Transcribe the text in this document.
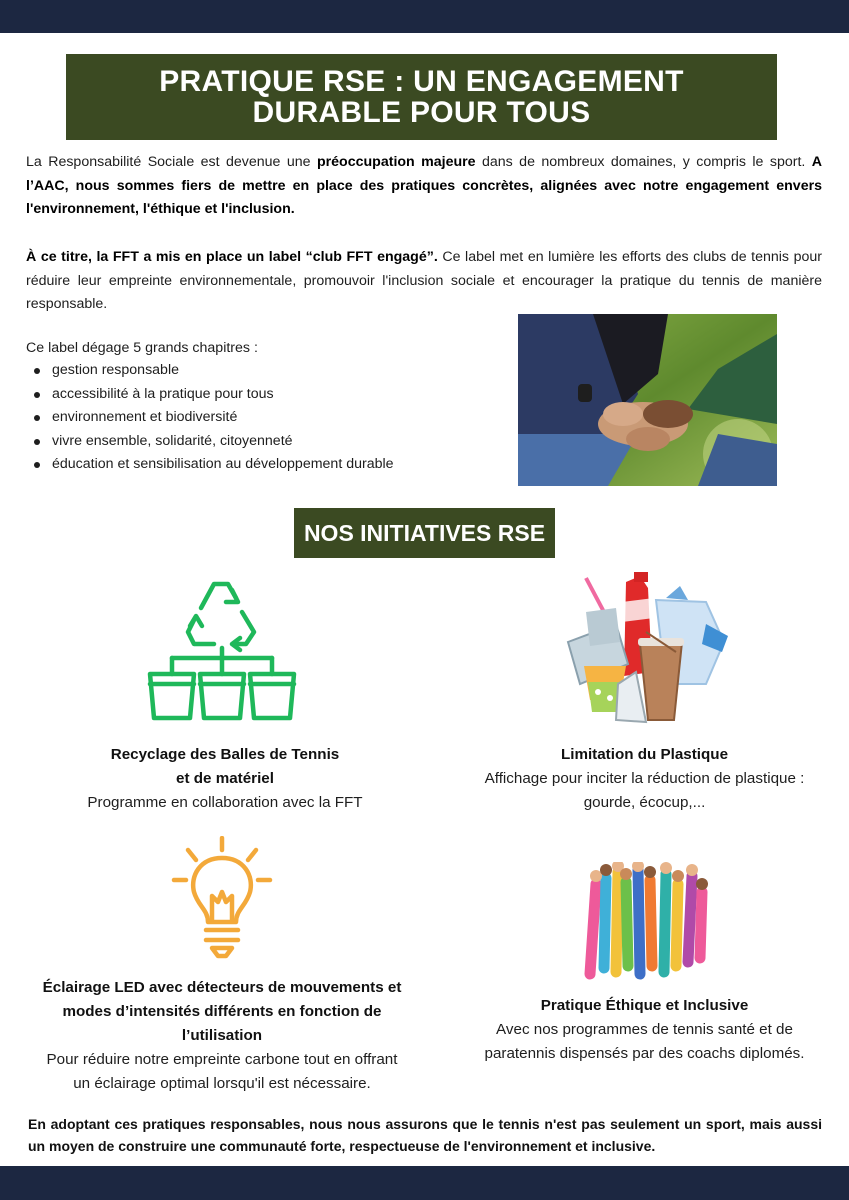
PRATIQUE RSE : UN ENGAGEMENT
DURABLE POUR TOUS

La Responsabilité Sociale est devenue une préoccupation majeure dans de nombreux domaines, y compris le sport. A l’AAC, nous sommes fiers de mettre en place des pratiques concrètes, alignées avec notre engagement envers l'environnement, l'éthique et l'inclusion.

À ce titre, la FFT a mis en place un label “club FFT engagé”. Ce label met en lumière les efforts des clubs de tennis pour réduire leur empreinte environnementale, promouvoir l'inclusion sociale et encourager la pratique du tennis de manière responsable.

Ce label dégage 5 grands chapitres :
gestion responsable
accessibilité à la pratique pour tous
environnement et biodiversité
vivre ensemble, solidarité, citoyenneté
éducation et sensibilisation au développement durable
NOS INITIATIVES RSE
Recyclage des Balles de Tennis
et de matériel
Programme en collaboration avec la FFT
Limitation du Plastique
Affichage pour inciter la réduction de plastique :
gourde, écocup,...
Éclairage LED avec détecteurs de mouvements et
modes d’intensités différents en fonction de
l’utilisation
Pour réduire notre empreinte carbone tout en offrant
un éclairage optimal lorsqu'il est nécessaire.
Pratique Éthique et Inclusive
Avec nos programmes de tennis santé et de
paratennis dispensés par des coachs diplomés.

En adoptant ces pratiques responsables, nous nous assurons que le tennis n'est pas seulement un sport, mais aussi un moyen de construire une communauté forte, respectueuse de l'environnement et inclusive.
